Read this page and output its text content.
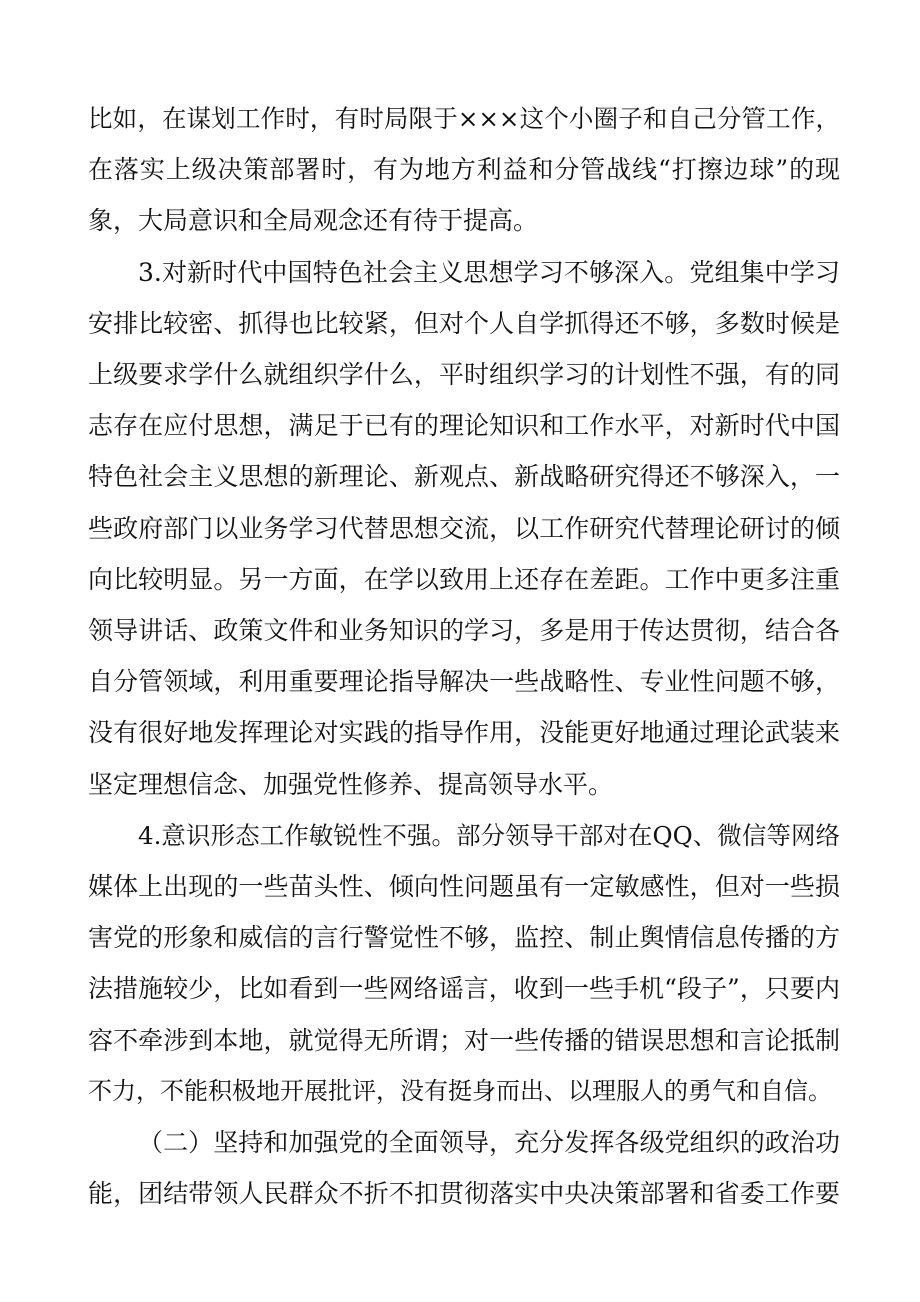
比如，在谋划工作时，有时局限于×××这个小圈子和自己分管工作，
在落实上级决策部署时，有为地方利益和分管战线“打擦边球”的现
象，大局意识和全局观念还有待于提高。

3.对新时代中国特色社会主义思想学习不够深入。党组集中学习
安排比较密、抓得也比较紧，但对个人自学抓得还不够，多数时候是
上级要求学什么就组织学什么，平时组织学习的计划性不强，有的同
志存在应付思想，满足于已有的理论知识和工作水平，对新时代中国
特色社会主义思想的新理论、新观点、新战略研究得还不够深入，一
些政府部门以业务学习代替思想交流，以工作研究代替理论研讨的倾
向比较明显。另一方面，在学以致用上还存在差距。工作中更多注重
领导讲话、政策文件和业务知识的学习，多是用于传达贯彻，结合各
自分管领域，利用重要理论指导解决一些战略性、专业性问题不够，
没有很好地发挥理论对实践的指导作用，没能更好地通过理论武装来
坚定理想信念、加强党性修养、提高领导水平。

4.意识形态工作敏锐性不强。部分领导干部对在QQ、微信等网络
媒体上出现的一些苗头性、倾向性问题虽有一定敏感性，但对一些损
害党的形象和威信的言行警觉性不够，监控、制止舆情信息传播的方
法措施较少，比如看到一些网络谣言，收到一些手机“段子”，只要内
容不牵涉到本地，就觉得无所谓；对一些传播的错误思想和言论抵制
不力，不能积极地开展批评，没有挺身而出、以理服人的勇气和自信。

（二）坚持和加强党的全面领导，充分发挥各级党组织的政治功
能，团结带领人民群众不折不扣贯彻落实中央决策部署和省委工作要
